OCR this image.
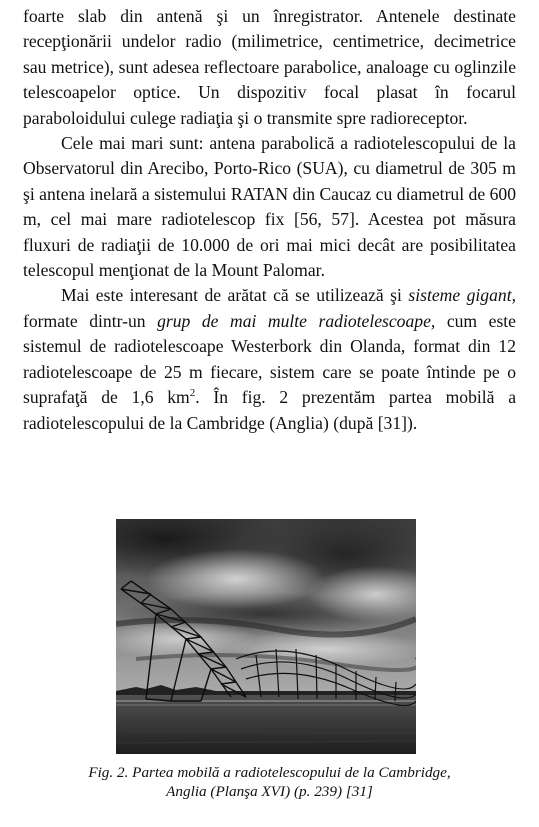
foarte slab din antenă şi un înregistrator. Antenele destinate recepţionării undelor radio (milimetrice, centimetrice, decimetrice sau metrice), sunt adesea reflectoare parabolice, analoage cu oglinzile telescoapelor optice. Un dispozitiv focal plasat în focarul paraboloidului culege radiaţia şi o transmite spre radioreceptor.

Cele mai mari sunt: antena parabolică a radiotelescopului de la Observatorul din Arecibo, Porto-Rico (SUA), cu diametrul de 305 m şi antena inelară a sistemului RATAN din Caucaz cu diametrul de 600 m, cel mai mare radiotelescop fix [56, 57]. Acestea pot măsura fluxuri de radiaţii de 10.000 de ori mai mici decât are posibilitatea telescopul menţionat de la Mount Palomar.

Mai este interesant de arătat că se utilizează şi sisteme gigant, formate dintr-un grup de mai multe radiotelescoape, cum este sistemul de radiotelescoape Westerbork din Olanda, format din 12 radiotelescoape de 25 m fiecare, sistem care se poate întinde pe o suprafaţă de 1,6 $km^2$. În fig. 2 prezentăm partea mobilă a radiotelescopului de la Cambridge (Anglia) (după [31]).

Fig. 2. Partea mobilă a radiotelescopului de la Cambridge,
Anglia (Planşa XVI) (p. 239) [31]
